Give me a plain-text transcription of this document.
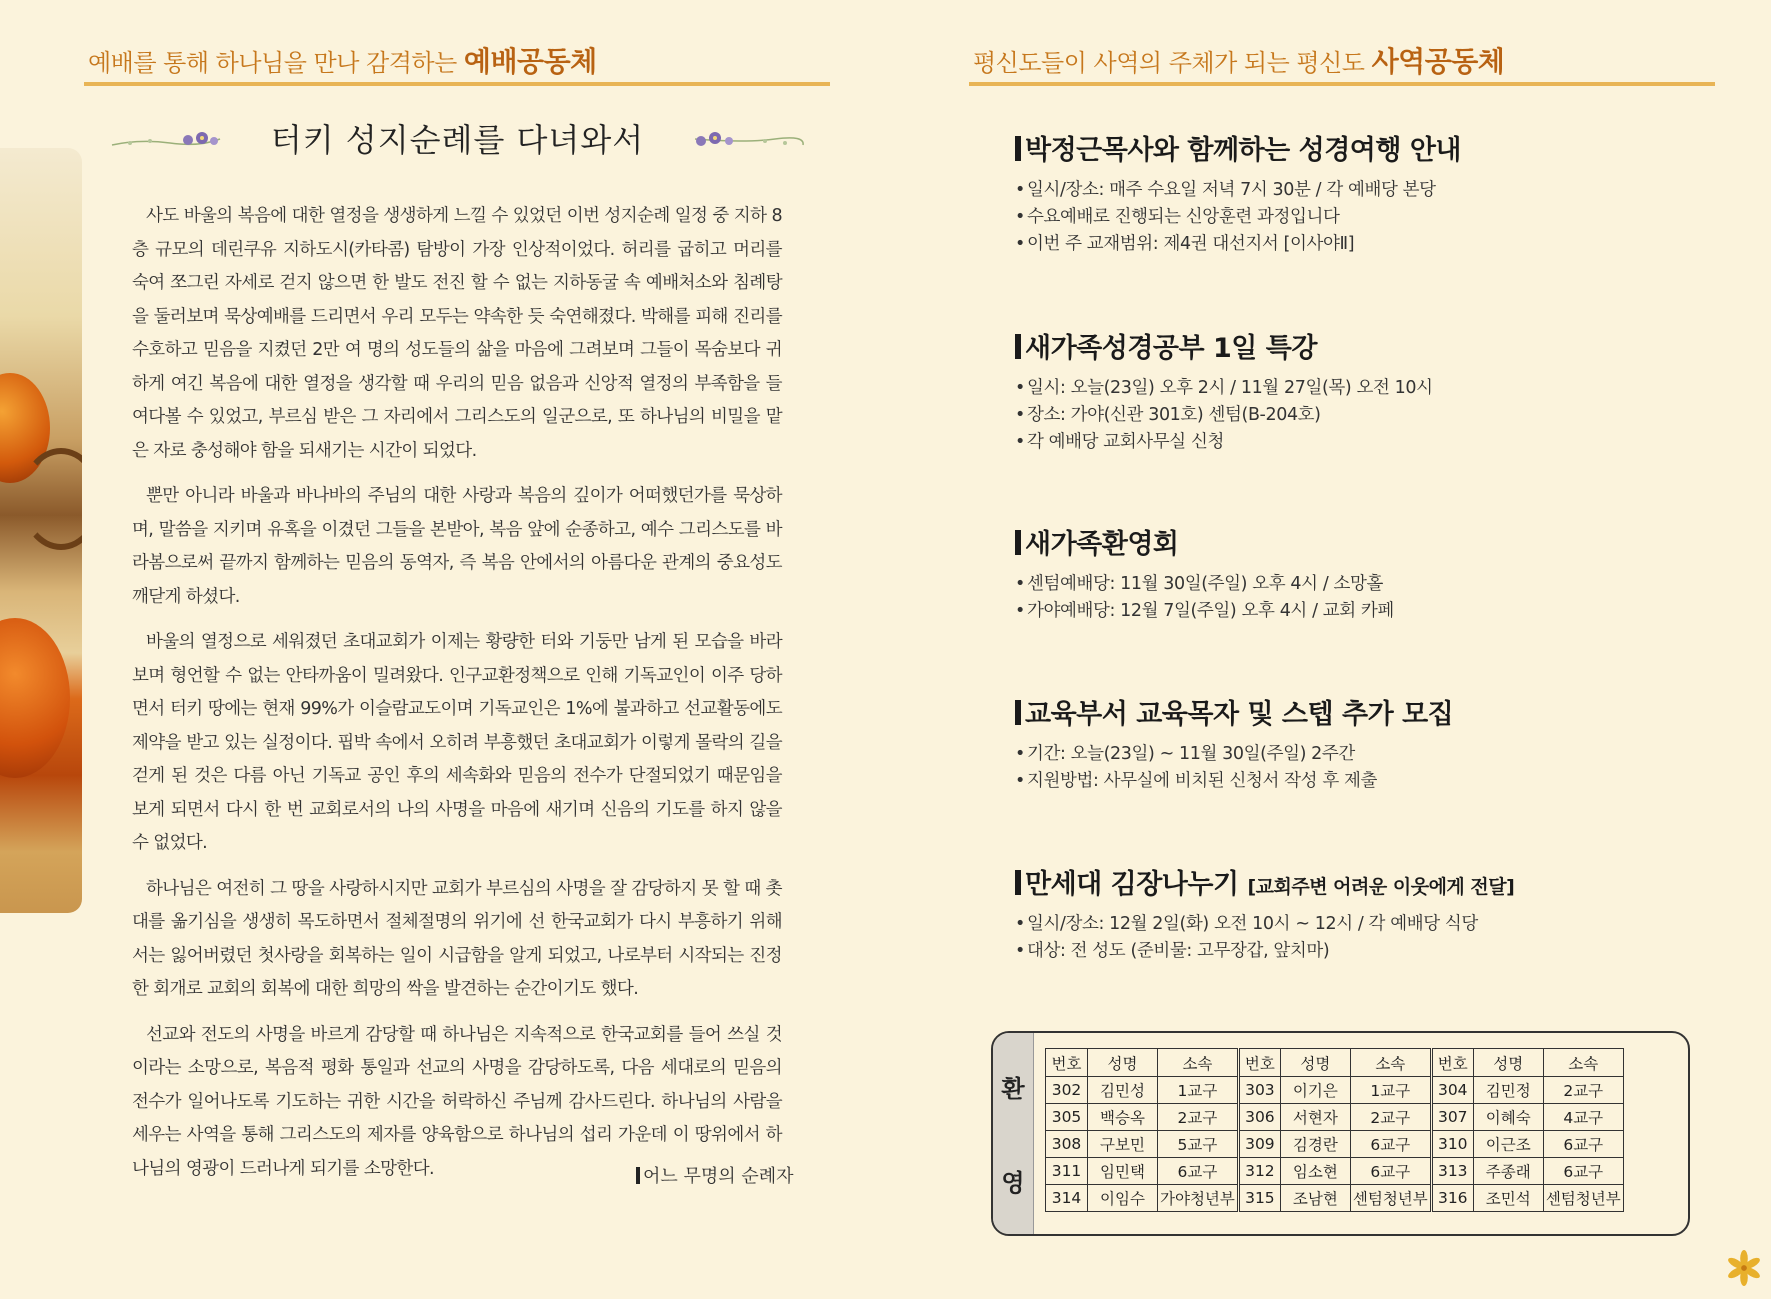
예배를 통해 하나님을 만나 감격하는 예배공동체
터키 성지순례를 다녀와서

사도 바울의 복음에 대한 열정을 생생하게 느낄 수 있었던 이번 성지순례 일정 중 지하 8층 규모의 데린쿠유 지하도시(카타콤) 탐방이 가장 인상적이었다. 허리를 굽히고 머리를 숙여 쪼그린 자세로 걷지 않으면 한 발도 전진 할 수 없는 지하동굴 속 예배처소와 침례탕을 둘러보며 묵상예배를 드리면서 우리 모두는 약속한 듯 숙연해졌다. 박해를 피해 진리를 수호하고 믿음을 지켰던 2만 여 명의 성도들의 삶을 마음에 그려보며 그들이 목숨보다 귀하게 여긴 복음에 대한 열정을 생각할 때 우리의 믿음 없음과 신앙적 열정의 부족함을 들여다볼 수 있었고, 부르심 받은 그 자리에서 그리스도의 일군으로, 또 하나님의 비밀을 맡은 자로 충성해야 함을 되새기는 시간이 되었다.

뿐만 아니라 바울과 바나바의 주님의 대한 사랑과 복음의 깊이가 어떠했던가를 묵상하며, 말씀을 지키며 유혹을 이겼던 그들을 본받아, 복음 앞에 순종하고, 예수 그리스도를 바라봄으로써 끝까지 함께하는 믿음의 동역자, 즉 복음 안에서의 아름다운 관계의 중요성도 깨닫게 하셨다.

바울의 열정으로 세워졌던 초대교회가 이제는 황량한 터와 기둥만 남게 된 모습을 바라보며 형언할 수 없는 안타까움이 밀려왔다. 인구교환정책으로 인해 기독교인이 이주 당하면서 터키 땅에는 현재 99%가 이슬람교도이며 기독교인은 1%에 불과하고 선교활동에도 제약을 받고 있는 실정이다. 핍박 속에서 오히려 부흥했던 초대교회가 이렇게 몰락의 길을 걷게 된 것은 다름 아닌 기독교 공인 후의 세속화와 믿음의 전수가 단절되었기 때문임을 보게 되면서 다시 한 번 교회로서의 나의 사명을 마음에 새기며 신음의 기도를 하지 않을 수 없었다.

하나님은 여전히 그 땅을 사랑하시지만 교회가 부르심의 사명을 잘 감당하지 못 할 때 촛대를 옮기심을 생생히 목도하면서 절체절명의 위기에 선 한국교회가 다시 부흥하기 위해서는 잃어버렸던 첫사랑을 회복하는 일이 시급함을 알게 되었고, 나로부터 시작되는 진정한 회개로 교회의 회복에 대한 희망의 싹을 발견하는 순간이기도 했다.

선교와 전도의 사명을 바르게 감당할 때 하나님은 지속적으로 한국교회를 들어 쓰실 것이라는 소망으로, 복음적 평화 통일과 선교의 사명을 감당하도록, 다음 세대로의 믿음의 전수가 일어나도록 기도하는 귀한 시간을 허락하신 주님께 감사드린다. 하나님의 사람을 세우는 사역을 통해 그리스도의 제자를 양육함으로 하나님의 섭리 가운데 이 땅위에서 하나님의 영광이 드러나게 되기를 소망한다.	어느 무명의 순례자
평신도들이 사역의 주체가 되는 평신도 사역공동체
박정근목사와 함께하는 성경여행 안내
• 일시/장소: 매주 수요일 저녁 7시 30분 / 각 예배당 본당
• 수요예배로 진행되는 신앙훈련 과정입니다
• 이번 주 교재범위: 제4권 대선지서 [이사야Ⅱ]
새가족성경공부 1일 특강
• 일시: 오늘(23일) 오후 2시 / 11월 27일(목) 오전 10시
• 장소: 가야(신관 301호) 센텀(B-204호)
• 각 예배당 교회사무실 신청
새가족환영회
• 센텀예배당: 11월 30일(주일) 오후 4시 / 소망홀
• 가야예배당: 12월 7일(주일) 오후 4시 / 교회 카페
교육부서 교육목자 및 스텝 추가 모집
• 기간: 오늘(23일) ~ 11월 30일(주일) 2주간
• 지원방법: 사무실에 비치된 신청서 작성 후 제출
만세대 김장나누기 [교회주변 어려운 이웃에게 전달]
• 일시/장소: 12월 2일(화) 오전 10시 ~ 12시 / 각 예배당 식당
• 대상: 전 성도 (준비물: 고무장갑, 앞치마)
환
영
번호	성명	소속	번호	성명	소속	번호	성명	소속
302	김민성	1교구	303	이기은	1교구	304	김민정	2교구
305	백승옥	2교구	306	서현자	2교구	307	이혜숙	4교구
308	구보민	5교구	309	김경란	6교구	310	이근조	6교구
311	임민택	6교구	312	임소현	6교구	313	주종래	6교구
314	이임수	가야청년부	315	조남현	센텀청년부	316	조민석	센텀청년부
